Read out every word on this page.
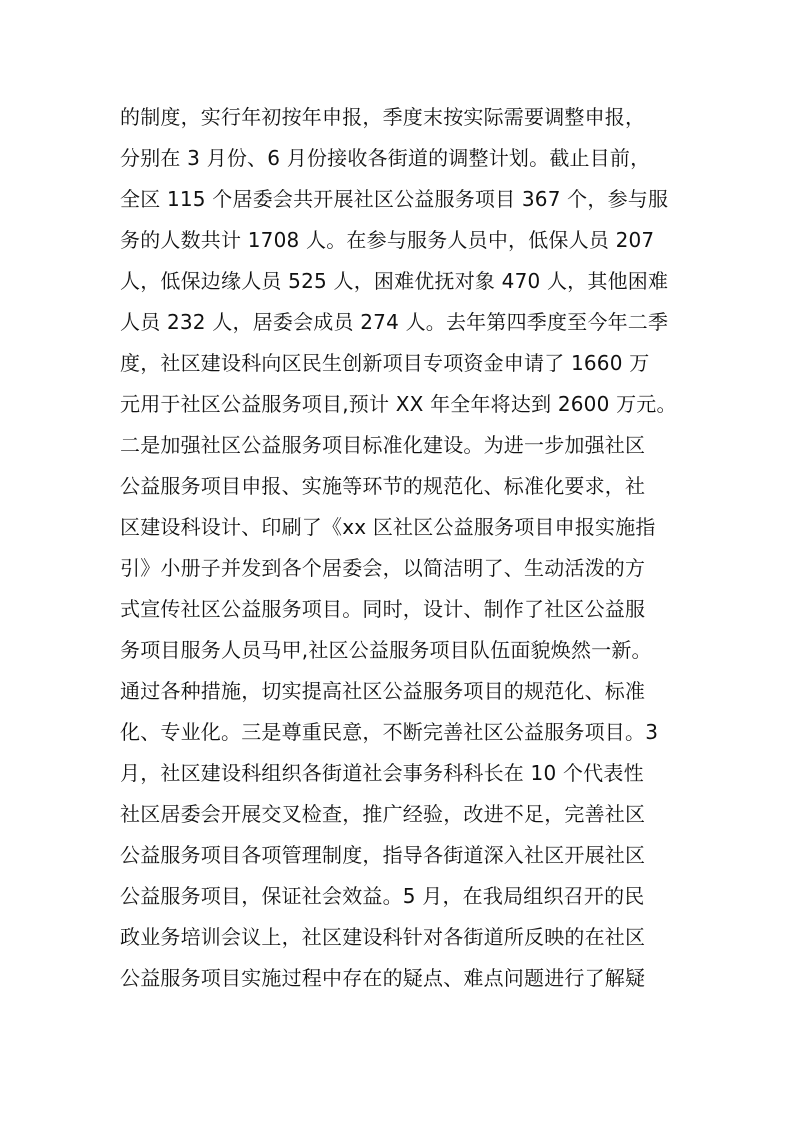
的制度，实行年初按年申报，季度末按实际需要调整申报，
分别在 3 月份、6 月份接收各街道的调整计划。截止目前，
全区 115 个居委会共开展社区公益服务项目 367 个，参与服
务的人数共计 1708 人。在参与服务人员中，低保人员 207
人，低保边缘人员 525 人，困难优抚对象 470 人，其他困难
人员 232 人，居委会成员 274 人。去年第四季度至今年二季
度，社区建设科向区民生创新项目专项资金申请了 1660 万
元用于社区公益服务项目,预计 XX 年全年将达到 2600 万元。
二是加强社区公益服务项目标准化建设。为进一步加强社区
公益服务项目申报、实施等环节的规范化、标准化要求，社
区建设科设计、印刷了《xx 区社区公益服务项目申报实施指
引》小册子并发到各个居委会，以简洁明了、生动活泼的方
式宣传社区公益服务项目。同时，设计、制作了社区公益服
务项目服务人员马甲,社区公益服务项目队伍面貌焕然一新。
通过各种措施，切实提高社区公益服务项目的规范化、标准
化、专业化。三是尊重民意，不断完善社区公益服务项目。3
月，社区建设科组织各街道社会事务科科长在 10 个代表性
社区居委会开展交叉检查，推广经验，改进不足，完善社区
公益服务项目各项管理制度，指导各街道深入社区开展社区
公益服务项目，保证社会效益。5 月，在我局组织召开的民
政业务培训会议上，社区建设科针对各街道所反映的在社区
公益服务项目实施过程中存在的疑点、难点问题进行了解疑
